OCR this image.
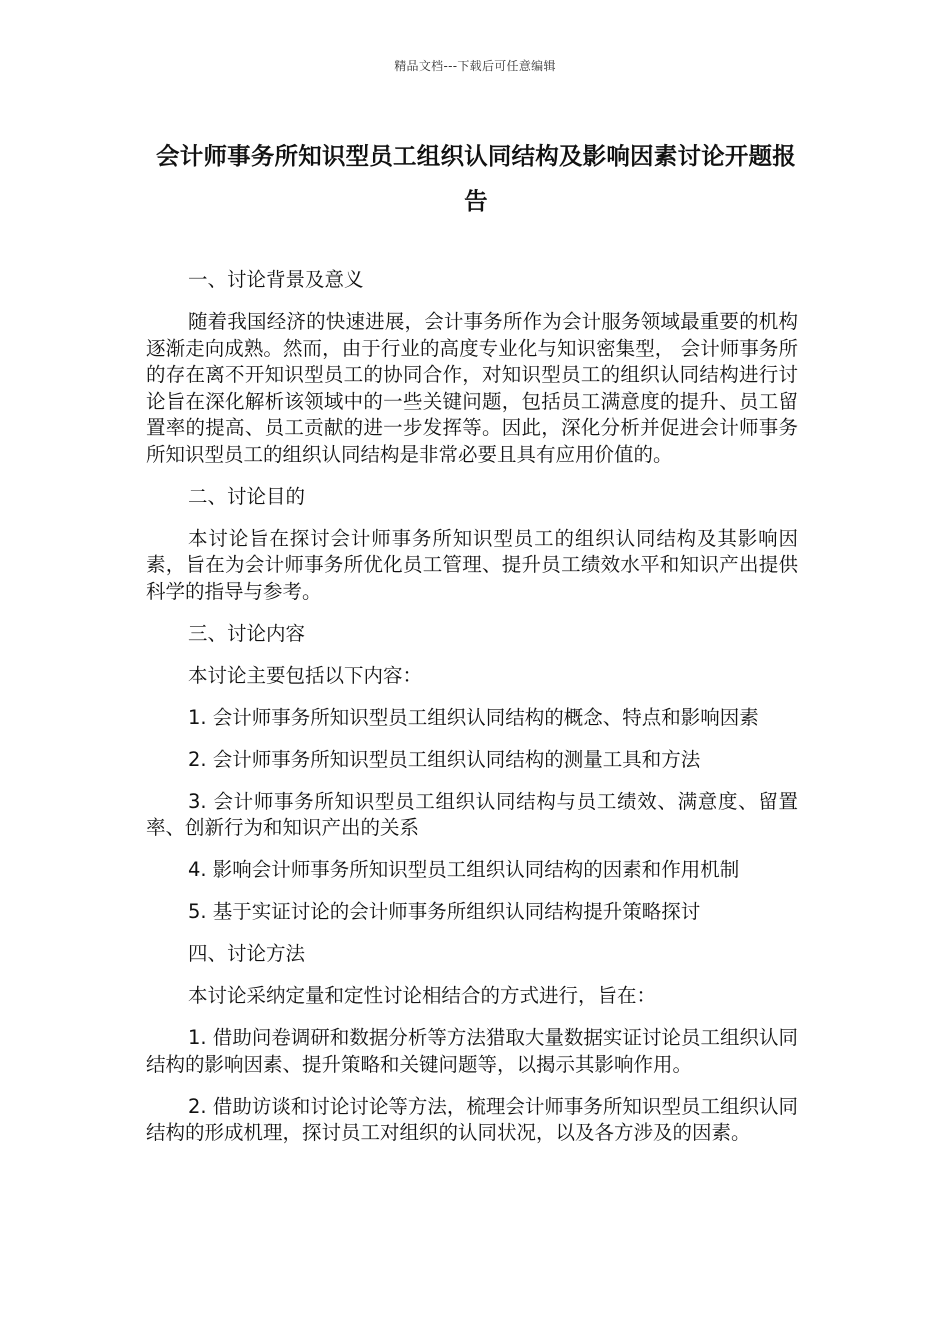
精品文档---下载后可任意编辑
会计师事务所知识型员工组织认同结构及影响因素讨论开题报告

一、讨论背景及意义

随着我国经济的快速进展，会计事务所作为会计服务领域最重要的机构逐渐走向成熟。然而，由于行业的高度专业化与知识密集型， 会计师事务所的存在离不开知识型员工的协同合作，对知识型员工的组织认同结构进行讨论旨在深化解析该领域中的一些关键问题，包括员工满意度的提升、员工留置率的提高、员工贡献的进一步发挥等。因此，深化分析并促进会计师事务所知识型员工的组织认同结构是非常必要且具有应用价值的。

二、讨论目的

本讨论旨在探讨会计师事务所知识型员工的组织认同结构及其影响因素，旨在为会计师事务所优化员工管理、提升员工绩效水平和知识产出提供科学的指导与参考。

三、讨论内容

本讨论主要包括以下内容：

1. 会计师事务所知识型员工组织认同结构的概念、特点和影响因素

2. 会计师事务所知识型员工组织认同结构的测量工具和方法

3. 会计师事务所知识型员工组织认同结构与员工绩效、满意度、留置率、创新行为和知识产出的关系

4. 影响会计师事务所知识型员工组织认同结构的因素和作用机制

5. 基于实证讨论的会计师事务所组织认同结构提升策略探讨

四、讨论方法

本讨论采纳定量和定性讨论相结合的方式进行，旨在：

1. 借助问卷调研和数据分析等方法猎取大量数据实证讨论员工组织认同结构的影响因素、提升策略和关键问题等，以揭示其影响作用。

2. 借助访谈和讨论讨论等方法，梳理会计师事务所知识型员工组织认同结构的形成机理，探讨员工对组织的认同状况，以及各方涉及的因素。
